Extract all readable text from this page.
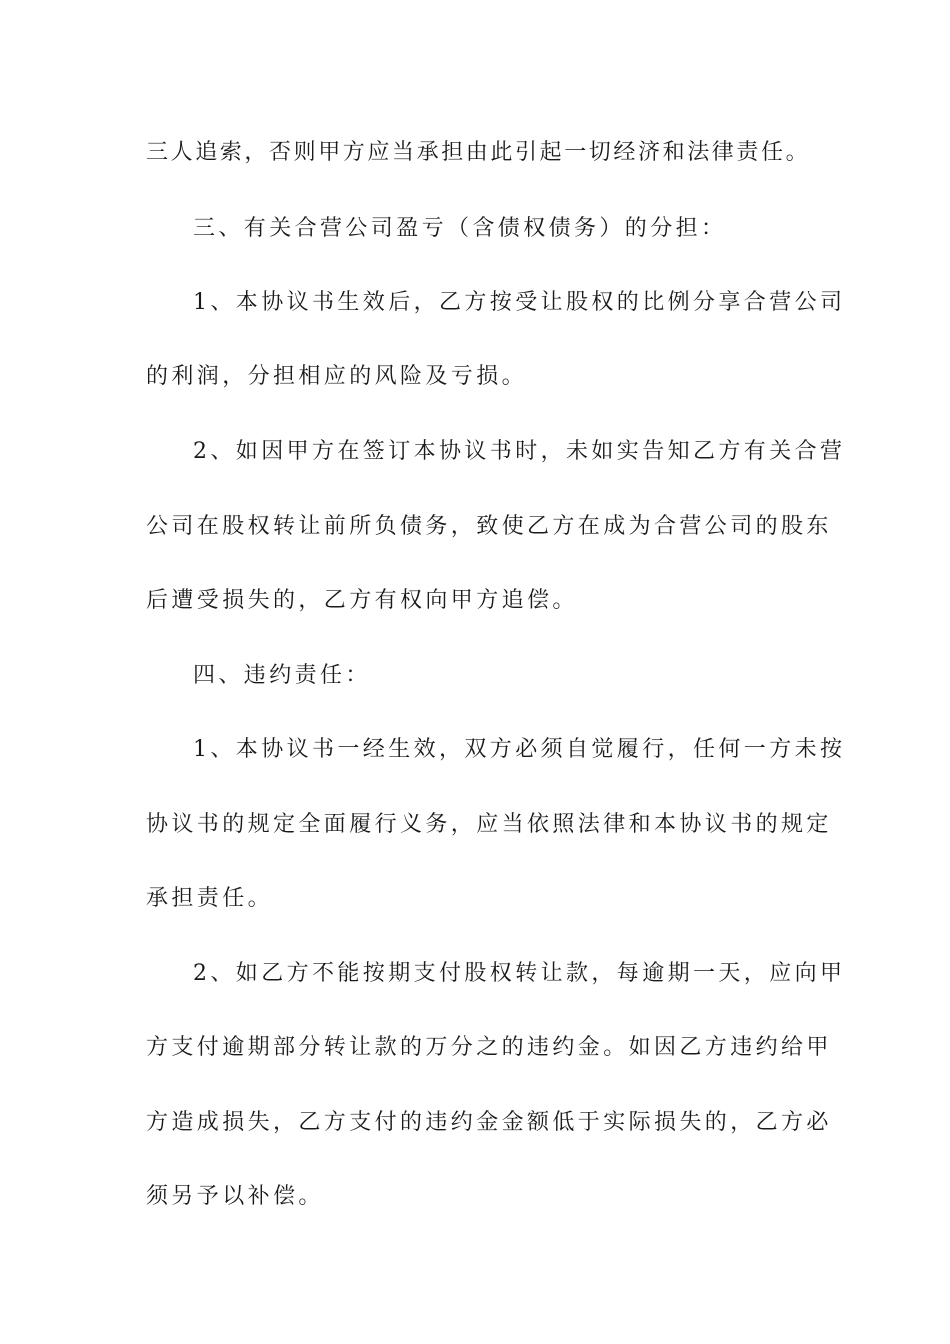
三人追索，否则甲方应当承担由此引起一切经济和法律责任。
三、有关合营公司盈亏（含债权债务）的分担：
1、本协议书生效后，乙方按受让股权的比例分享合营公司
的利润，分担相应的风险及亏损。
2、如因甲方在签订本协议书时，未如实告知乙方有关合营
公司在股权转让前所负债务，致使乙方在成为合营公司的股东
后遭受损失的，乙方有权向甲方追偿。
四、违约责任：
1、本协议书一经生效，双方必须自觉履行，任何一方未按
协议书的规定全面履行义务，应当依照法律和本协议书的规定
承担责任。
2、如乙方不能按期支付股权转让款，每逾期一天，应向甲
方支付逾期部分转让款的万分之的违约金。如因乙方违约给甲
方造成损失，乙方支付的违约金金额低于实际损失的，乙方必
须另予以补偿。
